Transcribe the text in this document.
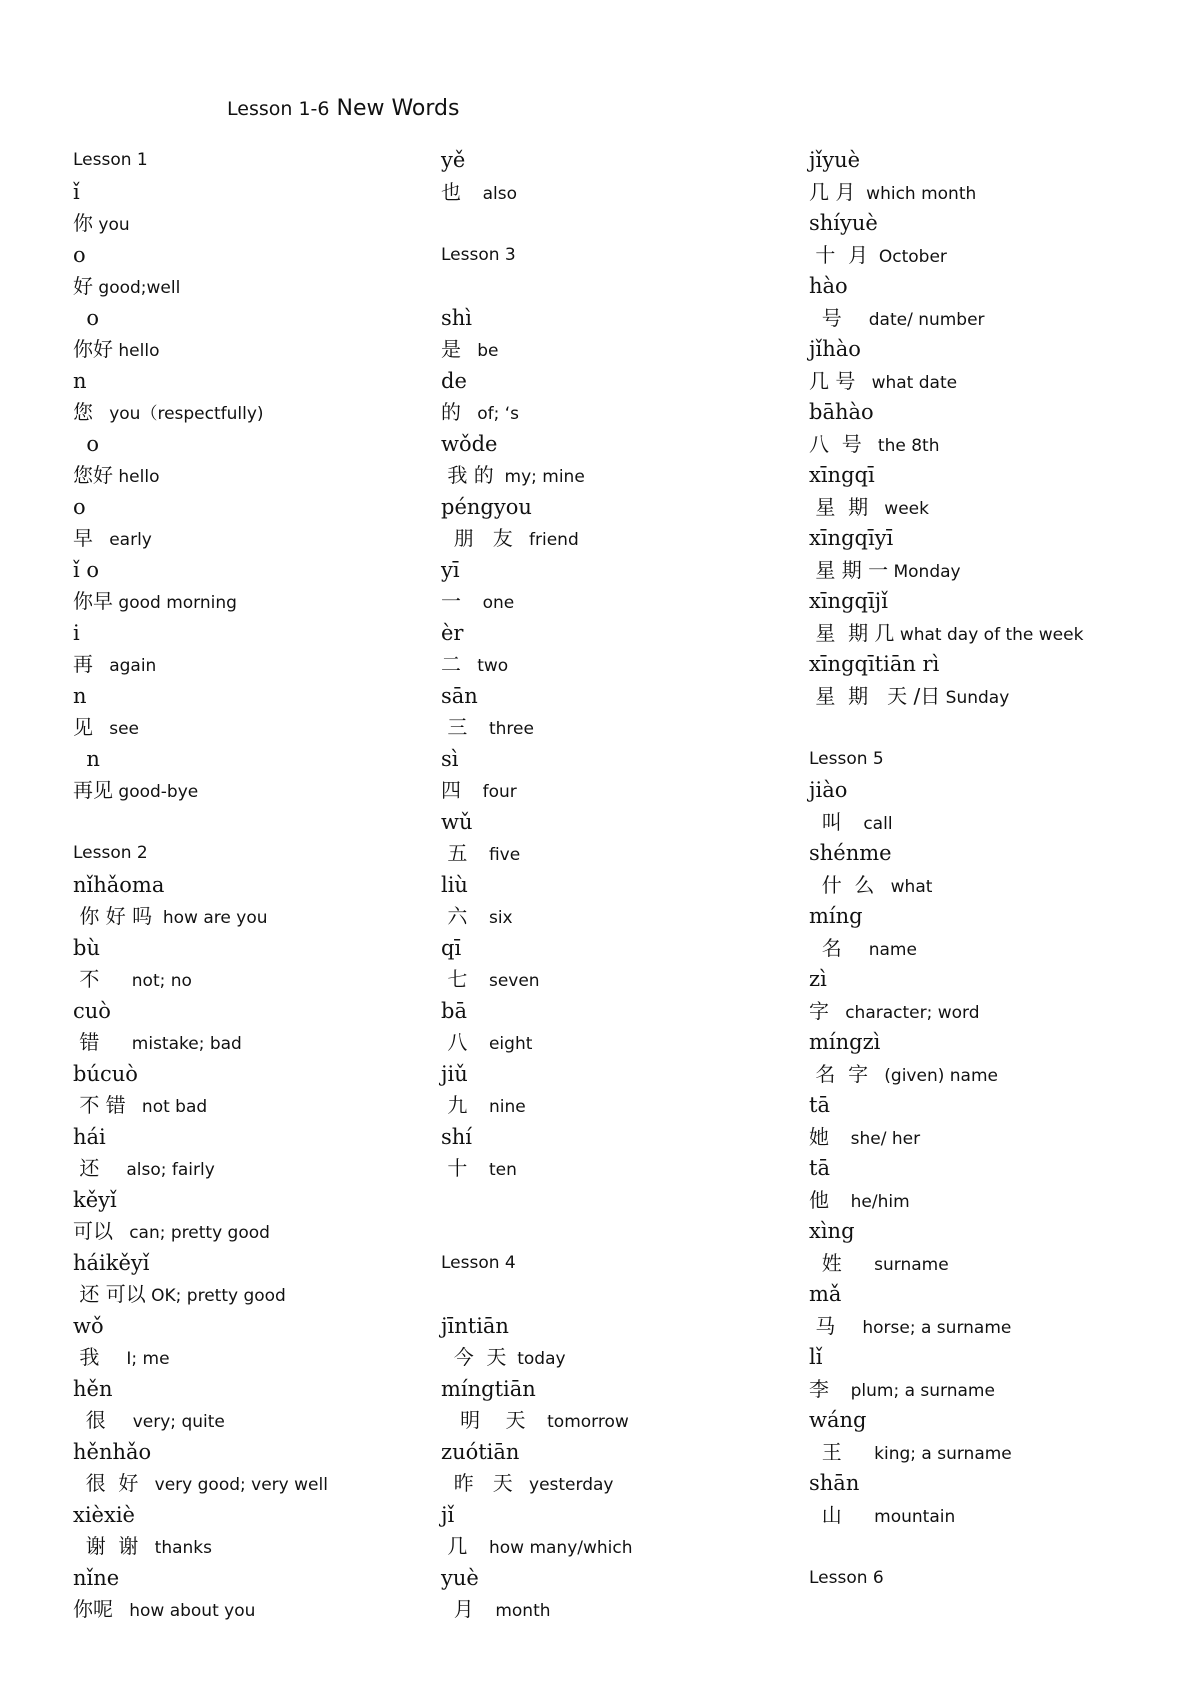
Lesson 1-6 New Words
Lesson 1
ǐ
你 you
o
好 good;well
o
你好 hello
n
您   you（respectfully)
o
您好 hello
o
早   early
ǐ o
你早 good morning
i
再   again
n
见   see
n
再见 good-bye
Lesson 2
nǐhǎoma
你 好 吗  how are you
bù
不      not; no
cuò
错      mistake; bad
búcuò
不 错   not bad
hái
还     also; fairly
kěyǐ
可以   can; pretty good
háikěyǐ
还 可以 OK; pretty good
wǒ
我     I; me
hěn
很     very; quite
hěnhǎo
很  好   very good; very well
xièxiè
谢  谢   thanks
nǐne
你呢   how about you
yě
也    also
Lesson 3
shì
是   be
de
的   of; ‘s
wǒde
我 的  my; mine
péngyou
朋   友   friend
yī
一    one
èr
二   two
sān
三    three
sì
四    four
wǔ
五    five
liù
六    six
qī
七    seven
bā
八    eight
jiǔ
九    nine
shí
十    ten
Lesson 4
jīntiān
今  天  today
míngtiān
明    天    tomorrow
zuótiān
昨   天   yesterday
jǐ
几    how many/which
yuè
月    month
jǐyuè
几 月  which month
shíyuè
十  月  October
hào
号     date/ number
jǐhào
几 号   what date
bāhào
八  号   the 8th
xīngqī
星  期   week
xīngqīyī
星 期 一 Monday
xīngqījǐ
星  期 几 what day of the week
xīngqītiān rì
星  期   天 /日 Sunday
Lesson 5
jiào
叫    call
shénme
什  么   what
míng
名     name
zì
字   character; word
míngzì
名  字   (given) name
tā
她    she/ her
tā
他    he/him
xìng
姓      surname
mǎ
马     horse; a surname
lǐ
李    plum; a surname
wáng
王      king; a surname
shān
山      mountain
Lesson 6
